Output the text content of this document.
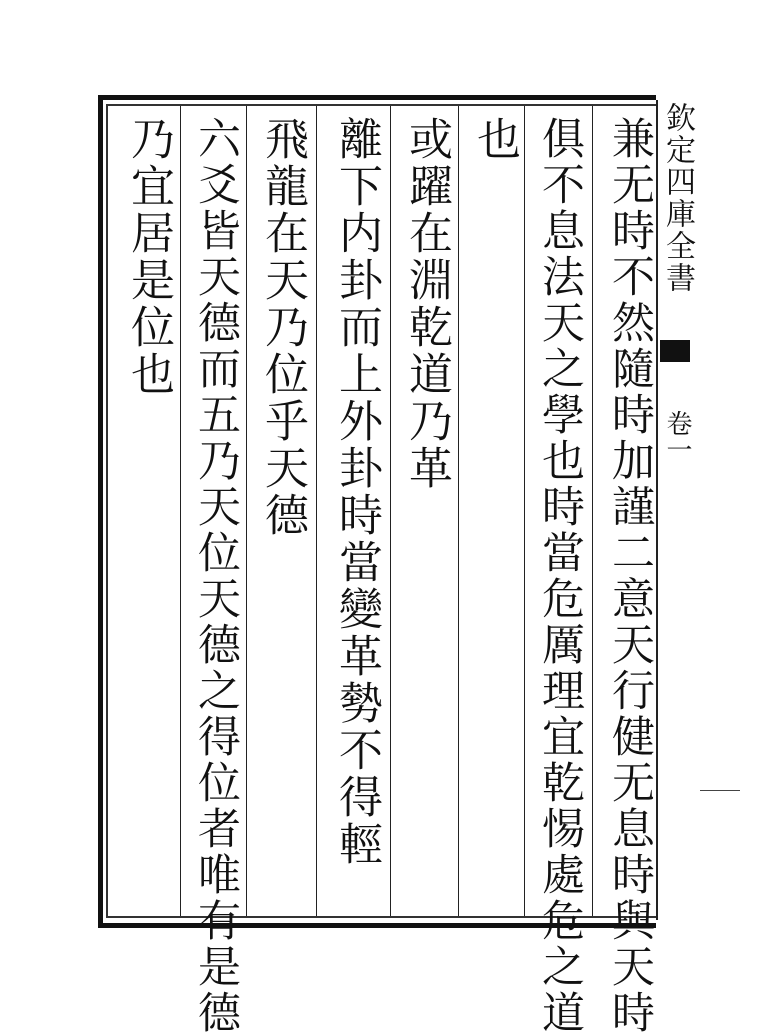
欽定四庫全書
卷一
兼无時不然隨時加謹二意天行健无息時與天時
俱不息法天之學也時當危厲理宜乾惕處危之道
也
或躍在淵乾道乃革
離下内卦而上外卦時當變革勢不得輕
飛龍在天乃位乎天德
六爻皆天德而五乃天位天德之得位者唯有是德
乃宜居是位也
